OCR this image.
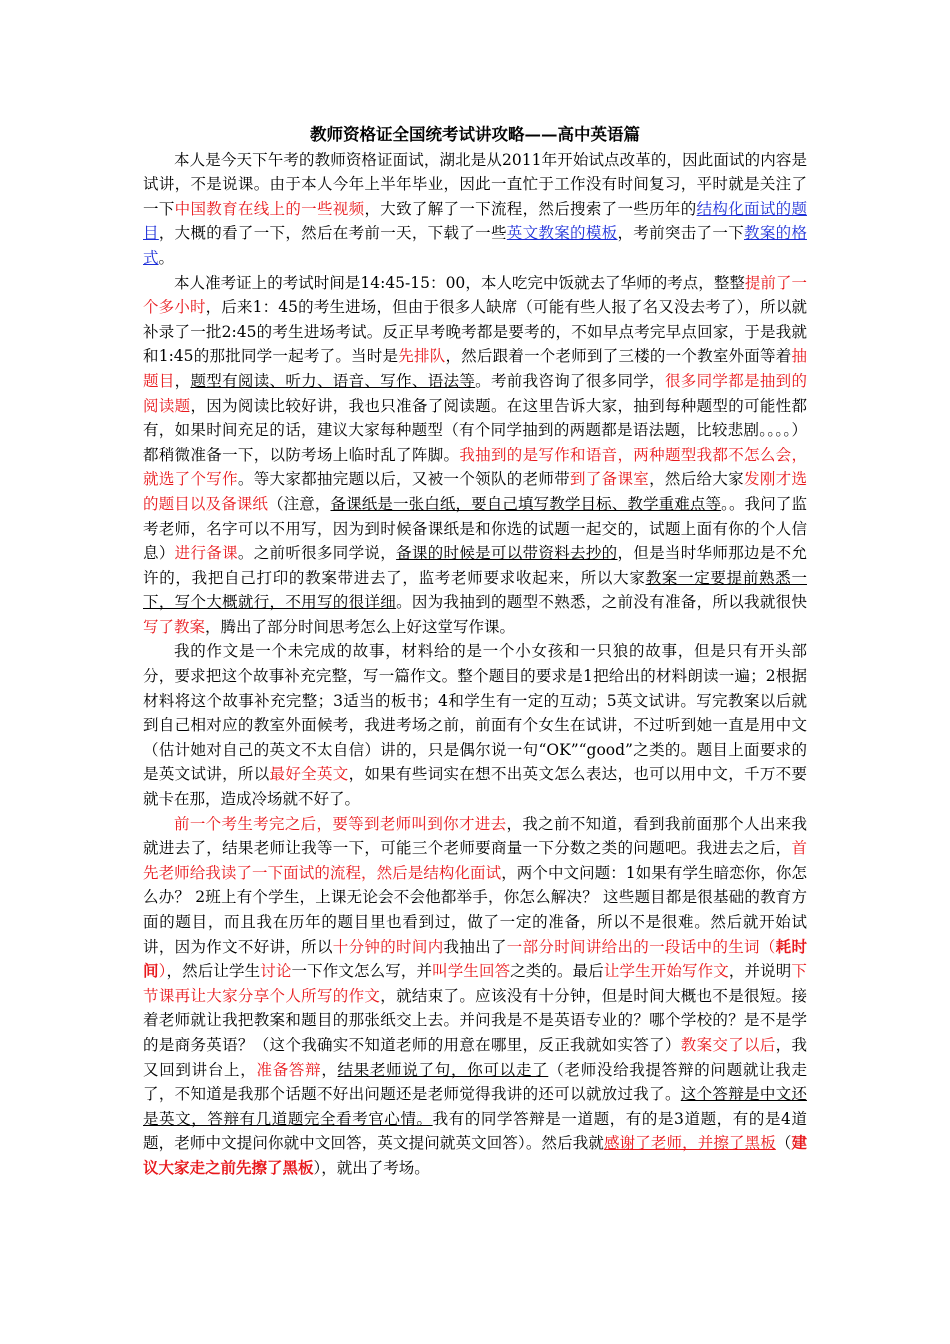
教师资格证全国统考试讲攻略——高中英语篇

本人是今天下午考的教师资格证面试，湖北是从2011年开始试点改革的，因此面试的内容是试讲，不是说课。由于本人今年上半年毕业，因此一直忙于工作没有时间复习，平时就是关注了一下中国教育在线上的一些视频，大致了解了一下流程，然后搜索了一些历年的结构化面试的题目，大概的看了一下，然后在考前一天，下载了一些英文教案的模板，考前突击了一下教案的格式。

本人准考证上的考试时间是14:45-15：00，本人吃完中饭就去了华师的考点，整整提前了一个多小时，后来1：45的考生进场，但由于很多人缺席（可能有些人报了名又没去考了），所以就补录了一批2:45的考生进场考试。反正早考晚考都是要考的，不如早点考完早点回家，于是我就和1:45的那批同学一起考了。当时是先排队，然后跟着一个老师到了三楼的一个教室外面等着抽题目，题型有阅读、听力、语音、写作、语法等。考前我咨询了很多同学，很多同学都是抽到的阅读题，因为阅读比较好讲，我也只准备了阅读题。在这里告诉大家，抽到每种题型的可能性都有，如果时间充足的话，建议大家每种题型（有个同学抽到的两题都是语法题，比较悲剧。。。。）都稍微准备一下，以防考场上临时乱了阵脚。我抽到的是写作和语音，两种题型我都不怎么会，就选了个写作。等大家都抽完题以后，又被一个领队的老师带到了备课室，然后给大家发刚才选的题目以及备课纸（注意，备课纸是一张白纸，要自己填写教学目标、教学重难点等。。我问了监考老师，名字可以不用写，因为到时候备课纸是和你选的试题一起交的，试题上面有你的个人信息）进行备课。之前听很多同学说，备课的时候是可以带资料去抄的，但是当时华师那边是不允许的，我把自己打印的教案带进去了，监考老师要求收起来，所以大家教案一定要提前熟悉一下，写个大概就行，不用写的很详细。因为我抽到的题型不熟悉，之前没有准备，所以我就很快写了教案，腾出了部分时间思考怎么上好这堂写作课。

我的作文是一个未完成的故事，材料给的是一个小女孩和一只狼的故事，但是只有开头部分，要求把这个故事补充完整，写一篇作文。整个题目的要求是1把给出的材料朗读一遍；2根据材料将这个故事补充完整；3适当的板书；4和学生有一定的互动；5英文试讲。写完教案以后就到自己相对应的教室外面候考，我进考场之前，前面有个女生在试讲，不过听到她一直是用中文（估计她对自己的英文不太自信）讲的，只是偶尔说一句“OK”“good”之类的。题目上面要求的是英文试讲，所以最好全英文，如果有些词实在想不出英文怎么表达，也可以用中文，千万不要就卡在那，造成冷场就不好了。

前一个考生考完之后，要等到老师叫到你才进去，我之前不知道，看到我前面那个人出来我就进去了，结果老师让我等一下，可能三个老师要商量一下分数之类的问题吧。我进去之后，首先老师给我读了一下面试的流程，然后是结构化面试，两个中文问题：1如果有学生暗恋你，你怎么办？ 2班上有个学生，上课无论会不会他都举手，你怎么解决？ 这些题目都是很基础的教育方面的题目，而且我在历年的题目里也看到过，做了一定的准备，所以不是很难。然后就开始试讲，因为作文不好讲，所以十分钟的时间内我抽出了一部分时间讲给出的一段话中的生词（耗时间），然后让学生讨论一下作文怎么写，并叫学生回答之类的。最后让学生开始写作文，并说明下节课再让大家分享个人所写的作文，就结束了。应该没有十分钟，但是时间大概也不是很短。接着老师就让我把教案和题目的那张纸交上去。并问我是不是英语专业的？哪个学校的？是不是学的是商务英语？（这个我确实不知道老师的用意在哪里，反正我就如实答了）教案交了以后，我又回到讲台上，准备答辩，结果老师说了句，你可以走了（老师没给我提答辩的问题就让我走了，不知道是我那个话题不好出问题还是老师觉得我讲的还可以就放过我了。这个答辩是中文还是英文，答辩有几道题完全看考官心情。我有的同学答辩是一道题，有的是3道题，有的是4道题，老师中文提问你就中文回答，英文提问就英文回答）。然后我就感谢了老师，并擦了黑板（建议大家走之前先擦了黑板），就出了考场。
